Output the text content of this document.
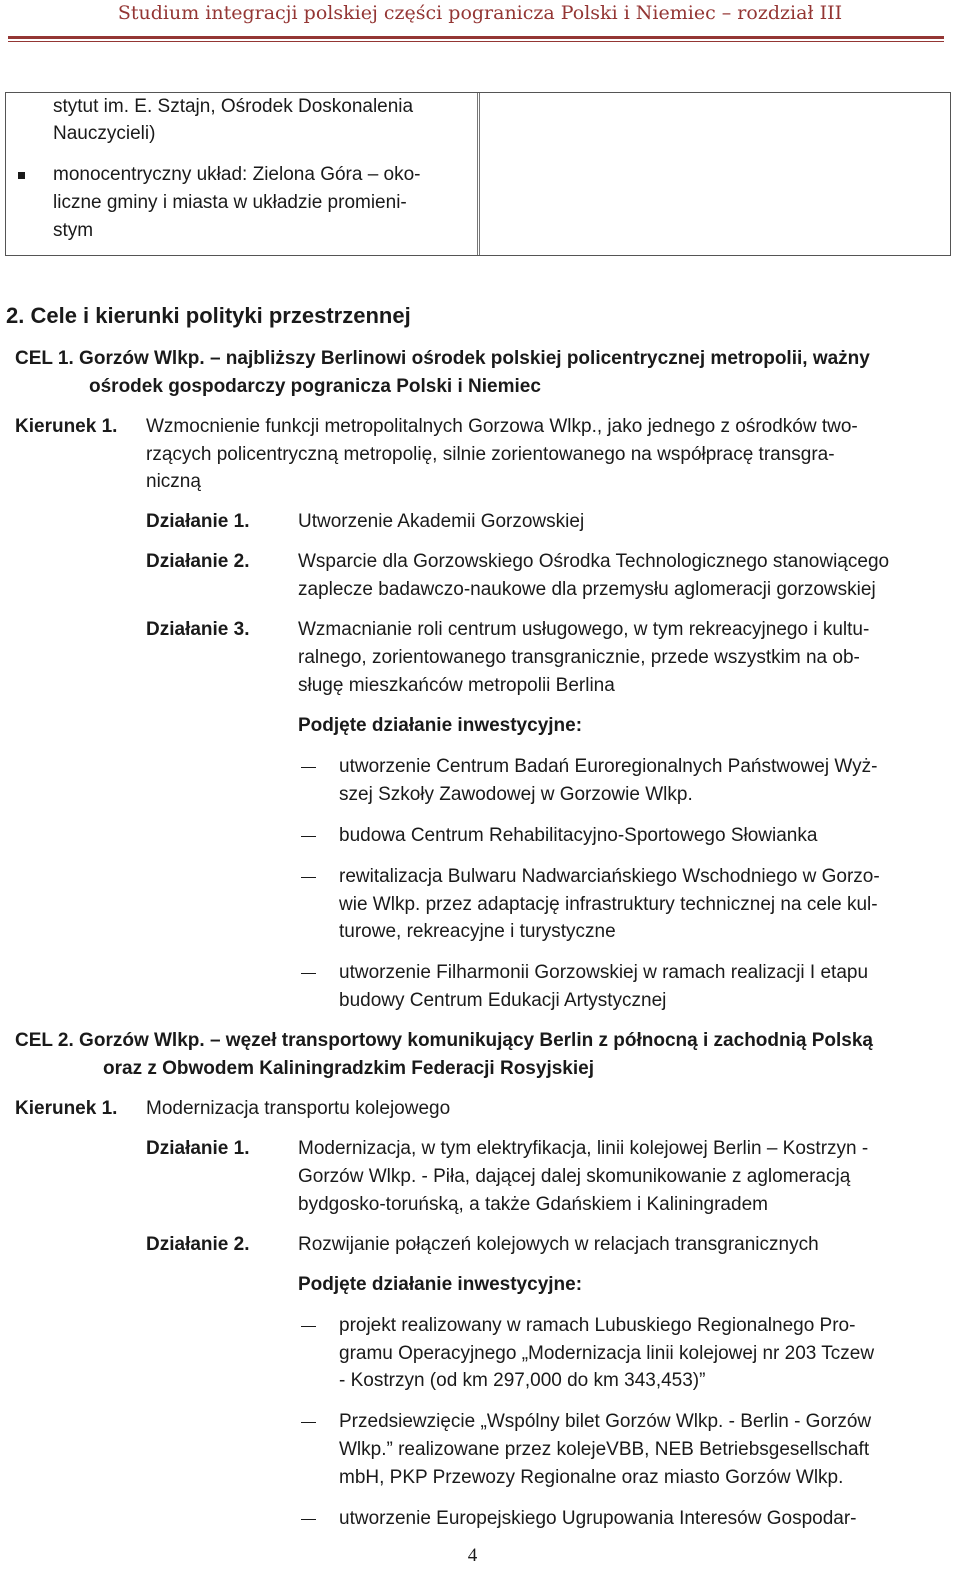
Studium integracji polskiej części pogranicza Polski i Niemiec – rozdział III
stytut im. E. Sztajn, Ośrodek Doskonalenia
Nauczycieli)
monocentryczny układ: Zielona Góra – oko-
liczne gminy i miasta w układzie promieni-
stym
2. Cele i kierunki polityki przestrzennej
CEL 1. Gorzów Wlkp. – najbliższy Berlinowi ośrodek polskiej policentrycznej metropolii, ważny
ośrodek gospodarczy pogranicza Polski i Niemiec
Kierunek 1. Wzmocnienie funkcji metropolitalnych Gorzowa Wlkp., jako jednego z ośrodków two-
rzących policentryczną metropolię, silnie zorientowanego na współpracę transgra-
niczną
Działanie 1.	Utworzenie Akademii Gorzowskiej
Działanie 2.	Wsparcie dla Gorzowskiego Ośrodka Technologicznego stanowiącego
zaplecze badawczo-naukowe dla przemysłu aglomeracji gorzowskiej
Działanie 3.	Wzmacnianie roli centrum usługowego, w tym rekreacyjnego i kultu-
ralnego, zorientowanego transgranicznie, przede wszystkim na ob-
sługę mieszkańców metropolii Berlina
Podjęte działanie inwestycyjne:
utworzenie Centrum Badań Euroregionalnych Państwowej Wyż-
szej Szkoły Zawodowej w Gorzowie Wlkp.
budowa Centrum Rehabilitacyjno-Sportowego Słowianka
rewitalizacja Bulwaru Nadwarciańskiego Wschodniego w Gorzo-
wie Wlkp. przez adaptację infrastruktury technicznej na cele kul-
turowe, rekreacyjne i turystyczne
utworzenie Filharmonii Gorzowskiej w ramach realizacji I etapu
budowy Centrum Edukacji Artystycznej
CEL 2. Gorzów Wlkp. – węzeł transportowy komunikujący Berlin z północną i zachodnią Polską
oraz z Obwodem Kaliningradzkim Federacji Rosyjskiej
Kierunek 1. Modernizacja transportu kolejowego
Działanie 1.	Modernizacja, w tym elektryfikacja, linii kolejowej Berlin – Kostrzyn -
Gorzów Wlkp. - Piła, dającej dalej skomunikowanie z aglomeracją
bydgosko-toruńską, a także Gdańskiem i Kaliningradem
Działanie 2.	Rozwijanie połączeń kolejowych w relacjach transgranicznych
Podjęte działanie inwestycyjne:
projekt realizowany w ramach Lubuskiego Regionalnego Pro-
gramu Operacyjnego „Modernizacja linii kolejowej nr 203 Tczew
- Kostrzyn (od km 297,000 do km 343,453)”
Przedsiewzięcie „Wspólny bilet Gorzów Wlkp. - Berlin - Gorzów
Wlkp.” realizowane przez kolejeVBB, NEB Betriebsgesellschaft
mbH, PKP Przewozy Regionalne oraz miasto Gorzów Wlkp.
utworzenie Europejskiego Ugrupowania Interesów Gospodar-
4
